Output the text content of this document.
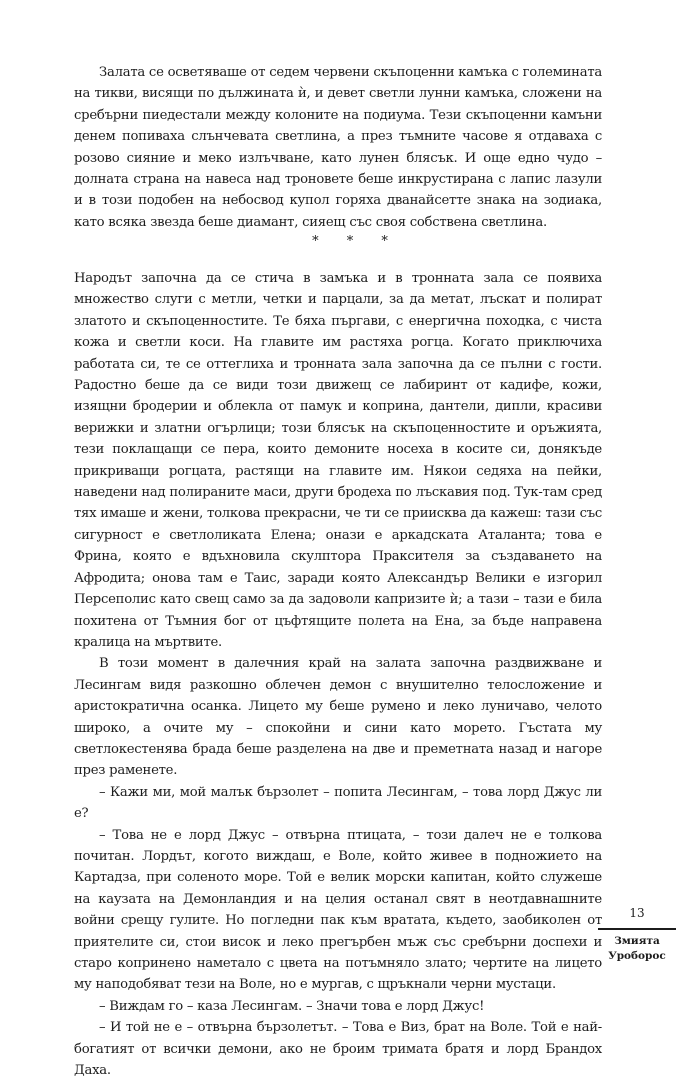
Залата се осветяваше от седем червени скъпоценни камъка с големината на тикви, висящи по дължината ѝ, и девет светли лунни камъка, сложени на сребърни пиедестали между колоните на подиума. Тези скъпоценни камъни денем попиваха слънчевата светлина, а през тъмните часове я отдаваха с розово сияние и меко излъчване, като лунен блясък. И още едно чудо – долната страна на навеса над троновете беше инкрустирана с лапис лазули и в този подобен на небосвод купол горяха дванайсетте знака на зодиака, като всяка звезда беше диамант, сияещ със своя собствена светлина.

* * *

Народът започна да се стича в замъка и в тронната зала се появиха множество слуги с метли, четки и парцали, за да метат, лъскат и полират златото и скъпоценностите. Те бяха пъргави, с енергична походка, с чиста кожа и светли коси. На главите им растяха рогца. Когато приключиха работата си, те се оттеглиха и тронната зала започна да се пълни с гости. Радостно беше да се види този движещ се лабиринт от кадифе, кожи, изящни бродерии и облекла от памук и коприна, дантели, дипли, красиви верижки и златни огърлици; този блясък на скъпоценностите и оръжията, тези поклащащи се пера, които демоните носеха в косите си, донякъде прикриващи рогцата, растящи на главите им. Някои седяха на пейки, наведени над полираните маси, други бродеха по лъскавия под. Тук-там сред тях имаше и жени, толкова прекрасни, че ти се приисква да кажеш: тази със сигурност е светлоликата Елена; онази е аркадската Аталанта; това е Фрина, която е вдъхновила скулптора Праксителя за създаването на Афродита; онова там е Таис, заради която Александър Велики е изгорил Персеполис като свещ само за да задоволи капризите ѝ; а тази – тази е била похитена от Тъмния бог от цъфтящите полета на Ена, за бъде направена кралица на мъртвите.

В този момент в далечния край на залата започна раздвижване и Лесингам видя разкошно облечен демон с внушително телосложение и аристократична осанка. Лицето му беше румено и леко луничаво, челото широко, а очите му – спокойни и сини като морето. Гъстата му светлокестенява брада беше разделена на две и преметната назад и нагоре през раменете.

– Кажи ми, мой малък бързолет – попита Лесингам, – това лорд Джус ли е?

– Това не е лорд Джус – отвърна птицата, – този далеч не е толкова почитан. Лордът, когото виждаш, е Воле, който живее в подножието на Картадза, при соленото море. Той е велик морски капитан, който служеше на каузата на Демонландия и на целия останал свят в неотдавнашните войни срещу гулите. Но погледни пак към вратата, където, заобиколен от приятелите си, стои висок и леко прегърбен мъж със сребърни доспехи и старо копринено наметало с цвета на потъмняло злато; чертите на лицето му наподобяват тези на Воле, но е мургав, с щръкнали черни мустаци.

– Виждам го – каза Лесингам. – Значи това е лорд Джус!

– И той не е – отвърна бързолетът. – Това е Виз, брат на Воле. Той е най-богатият от всички демони, ако не броим тримата братя и лорд Брандох Даха.

13
Змията
Уроборос
